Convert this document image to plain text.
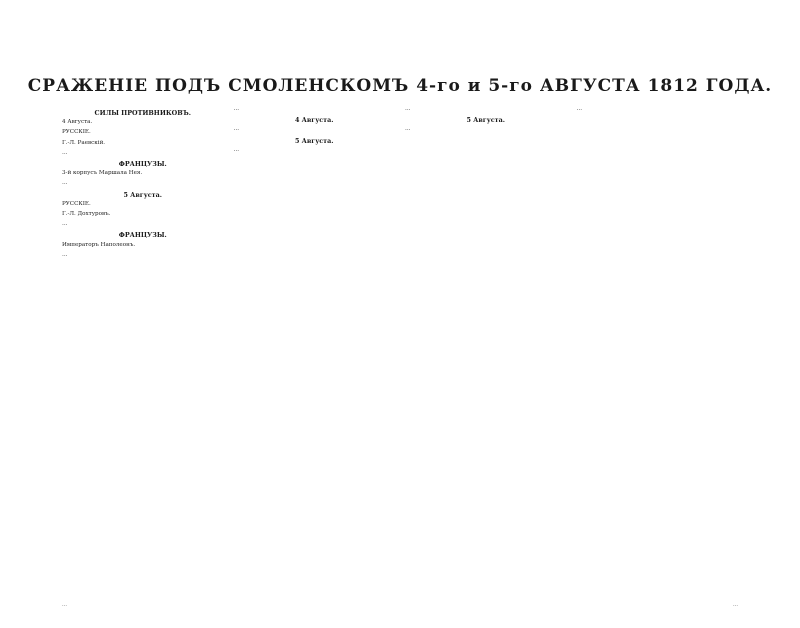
СРАЖЕНІЕ ПОДЪ СМОЛЕНСКОМЪ 4-го и 5-го АВГУСТА 1812 ГОДА.
СИЛЫ ПРОТИВНИКОВЪ.

4 Августа.

РУССКІЕ.

Г.-Л. Раевскій.

…

ФРАНЦУЗЫ.

3-й корпусъ Маршала Нея.

…

5 Августа.

РУССКІЕ.

Г.-Л. Дохтуровъ.

…

ФРАНЦУЗЫ.

Императоръ Наполеонъ.

…

…

4 Августа.

…

5 Августа.

…

…

5 Августа.

…

…

…	…
